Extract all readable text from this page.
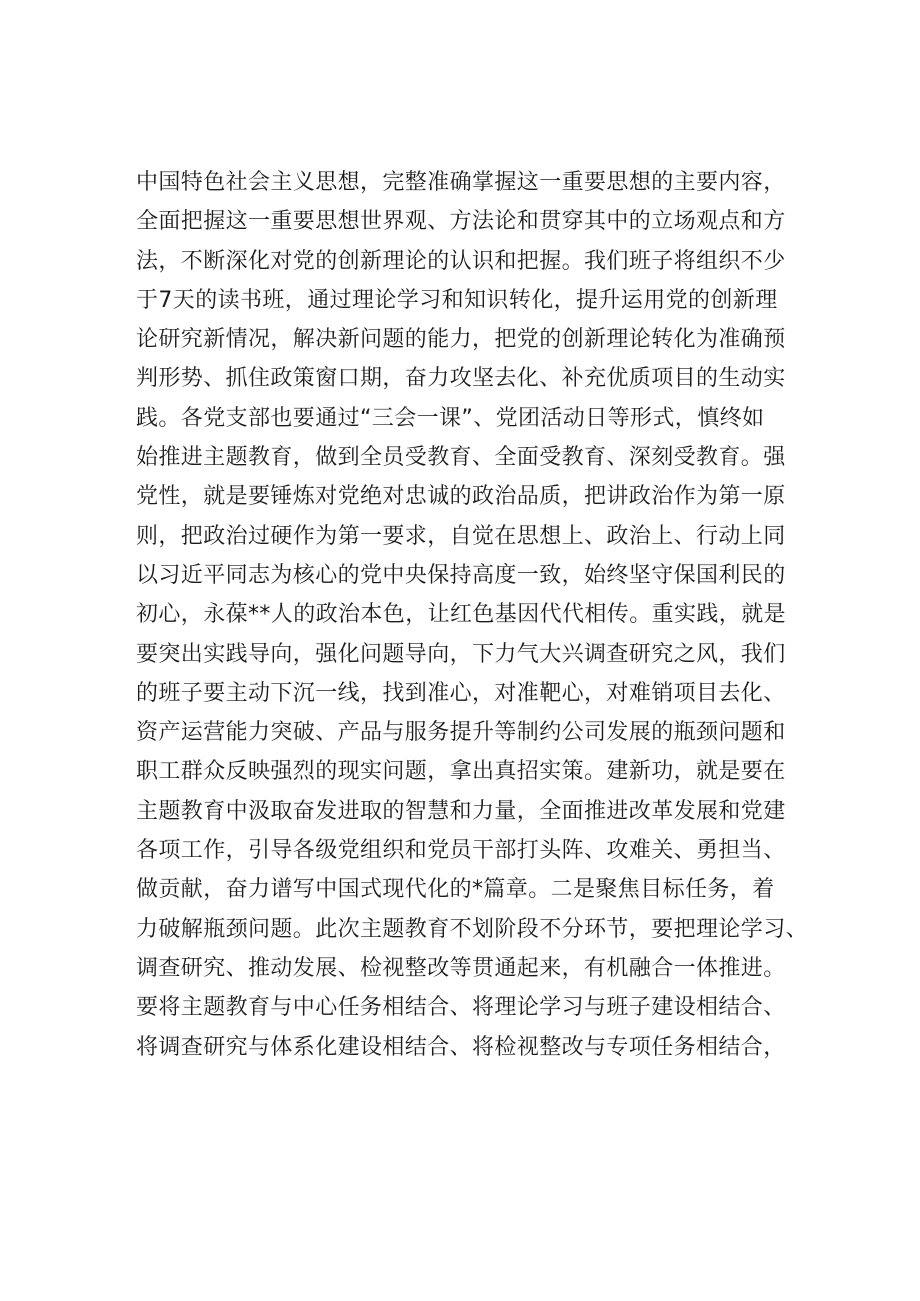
中国特色社会主义思想，完整准确掌握这一重要思想的主要内容，
全面把握这一重要思想世界观、方法论和贯穿其中的立场观点和方
法，不断深化对党的创新理论的认识和把握。我们班子将组织不少
于7天的读书班，通过理论学习和知识转化，提升运用党的创新理
论研究新情况，解决新问题的能力，把党的创新理论转化为准确预
判形势、抓住政策窗口期，奋力攻坚去化、补充优质项目的生动实
践。各党支部也要通过“三会一课”、党团活动日等形式，慎终如
始推进主题教育，做到全员受教育、全面受教育、深刻受教育。强
党性，就是要锤炼对党绝对忠诚的政治品质，把讲政治作为第一原
则，把政治过硬作为第一要求，自觉在思想上、政治上、行动上同
以习近平同志为核心的党中央保持高度一致，始终坚守保国利民的
初心，永葆**人的政治本色，让红色基因代代相传。重实践，就是
要突出实践导向，强化问题导向，下力气大兴调查研究之风，我们
的班子要主动下沉一线，找到准心，对准靶心，对难销项目去化、
资产运营能力突破、产品与服务提升等制约公司发展的瓶颈问题和
职工群众反映强烈的现实问题，拿出真招实策。建新功，就是要在
主题教育中汲取奋发进取的智慧和力量，全面推进改革发展和党建
各项工作，引导各级党组织和党员干部打头阵、攻难关、勇担当、
做贡献，奋力谱写中国式现代化的*篇章。二是聚焦目标任务，着
力破解瓶颈问题。此次主题教育不划阶段不分环节，要把理论学习、
调查研究、推动发展、检视整改等贯通起来，有机融合一体推进。
要将主题教育与中心任务相结合、将理论学习与班子建设相结合、
将调查研究与体系化建设相结合、将检视整改与专项任务相结合，
